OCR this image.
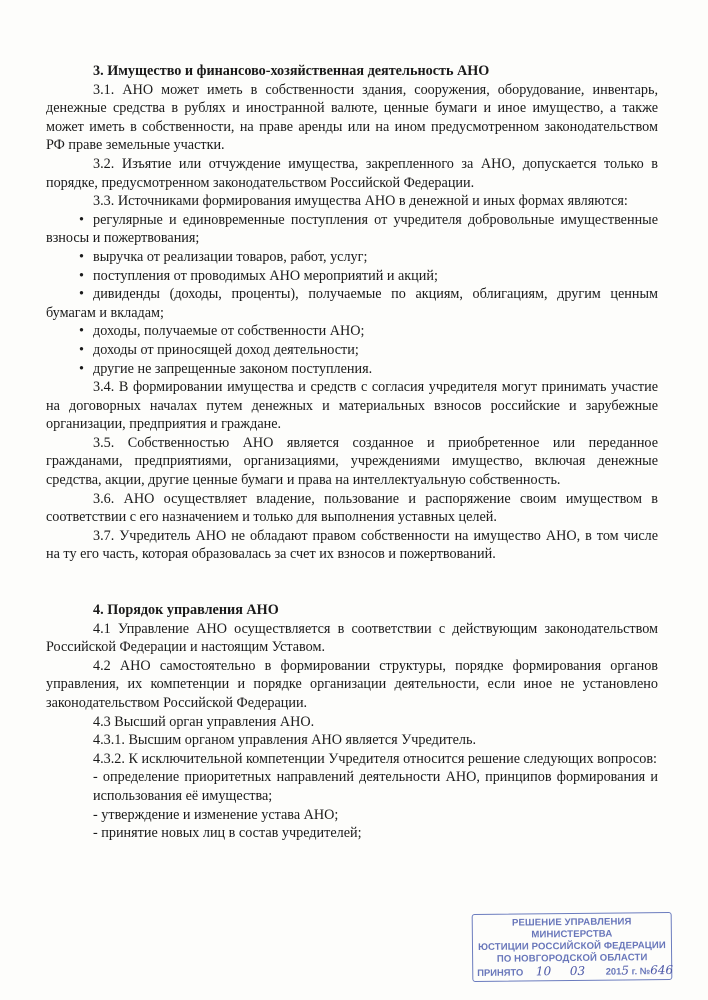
3. Имущество и финансово-хозяйственная деятельность АНО

3.1. АНО может иметь в собственности здания, сооружения, оборудование, инвентарь, денежные средства в рублях и иностранной валюте, ценные бумаги и иное имущество, а также может иметь в собственности, на праве аренды или на ином предусмотренном законодательством РФ праве земельные участки.

3.2. Изъятие или отчуждение имущества, закрепленного за АНО, допускается только в порядке, предусмотренном законодательством Российской Федерации.

3.3. Источниками формирования имущества АНО в денежной и иных формах являются:

• регулярные и единовременные поступления от учредителя добровольные имущественные взносы и пожертвования;

• выручка от реализации товаров, работ, услуг;

• поступления от проводимых АНО мероприятий и акций;

• дивиденды (доходы, проценты), получаемые по акциям, облигациям, другим ценным бумагам и вкладам;

• доходы, получаемые от собственности АНО;

• доходы от приносящей доход деятельности;

• другие не запрещенные законом поступления.

3.4. В формировании имущества и средств с согласия учредителя могут принимать участие на договорных началах путем денежных и материальных взносов российские и зарубежные организации, предприятия и граждане.

3.5. Собственностью АНО является созданное и приобретенное или переданное гражданами, предприятиями, организациями, учреждениями имущество, включая денежные средства, акции, другие ценные бумаги и права на интеллектуальную собственность.

3.6. АНО осуществляет владение, пользование и распоряжение своим имуществом в соответствии с его назначением и только для выполнения уставных целей.

3.7. Учредитель АНО не обладают правом собственности на имущество АНО, в том числе на ту его часть, которая образовалась за счет их взносов и пожертвований.

4. Порядок управления АНО

4.1 Управление АНО осуществляется в соответствии с действующим законодательством Российской Федерации и настоящим Уставом.

4.2 АНО самостоятельно в формировании структуры, порядке формирования органов управления, их компетенции и порядке организации деятельности, если иное не установлено законодательством Российской Федерации.

4.3 Высший орган управления АНО.

4.3.1. Высшим органом управления АНО является Учредитель.

4.3.2. К исключительной компетенции Учредителя относится решение следующих вопросов:

- определение приоритетных направлений деятельности АНО, принципов формирования и использования её имущества;

- утверждение и изменение устава АНО;

- принятие новых лиц в состав учредителей;

РЕШЕНИЕ УПРАВЛЕНИЯ МИНИСТЕРСТВА
ЮСТИЦИИ РОССИЙСКОЙ ФЕДЕРАЦИИ
ПО НОВГОРОДСКОЙ ОБЛАСТИ
ПРИНЯТО 10 03 2015 г. №646
